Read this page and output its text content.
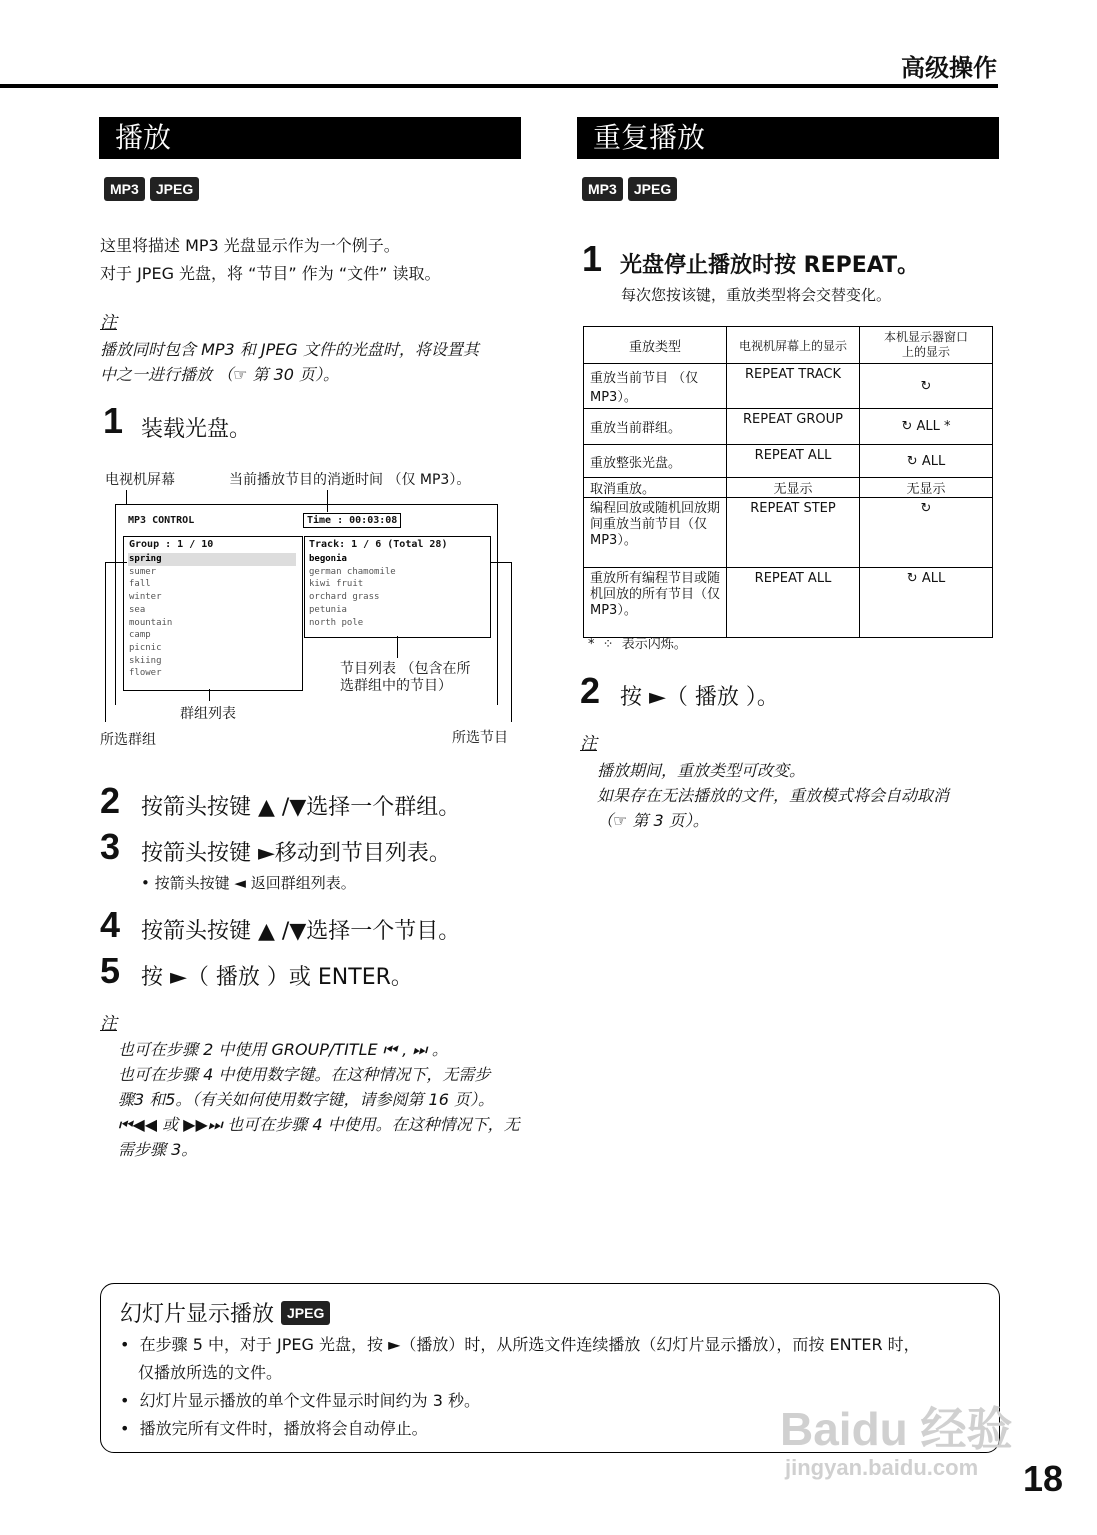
高级操作
播放
MP3 JPEG
这里将描述 MP3 光盘显示作为一个例子。
对于 JPEG 光盘，将 “节目” 作为 “文件” 读取。
注
播放同时包含 MP3 和 JPEG 文件的光盘时，将设置其
中之一进行播放 （☞ 第 30 页）。
1 装载光盘。
电视机屏幕	当前播放节目的消逝时间 （仅 MP3）。
MP3 CONTROL	Time : 00:03:08
Group : 1 / 10
spring
sumer
fall
winter
sea
mountain
camp
picnic
skiing
flower
Track: 1 / 6 (Total 28)
begonia
german chamomile
kiwi fruit
orchard grass
petunia
north pole
节目列表 （包含在所
选群组中的节目）
群组列表
所选群组	所选节目
2 按箭头按键 ▲ /▼选择一个群组。
3 按箭头按键 ►移动到节目列表。
• 按箭头按键 ◄ 返回群组列表。
4 按箭头按键 ▲ /▼选择一个节目。
5 按 ►（ 播放 ）或 ENTER。
注
也可在步骤 2 中使用 GROUP/TITLE ⏮ , ⏭ 。
也可在步骤 4 中使用数字键。在这种情况下，无需步
骤3 和5。（有关如何使用数字键，请参阅第 16 页）。
⏮◀◀ 或 ▶▶⏭ 也可在步骤 4 中使用。在这种情况下，无
需步骤 3。
重复播放
MP3 JPEG
1 光盘停止播放时按 REPEAT。
每次您按该键，重放类型将会交替变化。
重放类型	电视机屏幕上的显示	本机显示器窗口
上的显示
重放当前节目 （仅 MP3）。	REPEAT TRACK	↻
重放当前群组。	REPEAT GROUP	↻ ALL *
重放整张光盘。	REPEAT ALL	↻ ALL
取消重放。	无显示	无显示
编程回放或随机回放期间重放当前节目（仅MP3）。	REPEAT STEP	↻
重放所有编程节目或随机回放的所有节目（仅MP3）。	REPEAT ALL	↻ ALL
* ⁘ 表示闪烁。
2 按 ►（ 播放 ）。
注
播放期间，重放类型可改变。
如果存在无法播放的文件，重放模式将会自动取消
（☞ 第 3 页）。
幻灯片显示播放 JPEG
•  在步骤 5 中，对于 JPEG 光盘，按 ►（播放）时，从所选文件连续播放（幻灯片显示播放），而按 ENTER 时，
仅播放所选的文件。
•  幻灯片显示播放的单个文件显示时间约为 3 秒。
•  播放完所有文件时，播放将会自动停止。	Baidu 经验
jingyan.baidu.com 18
